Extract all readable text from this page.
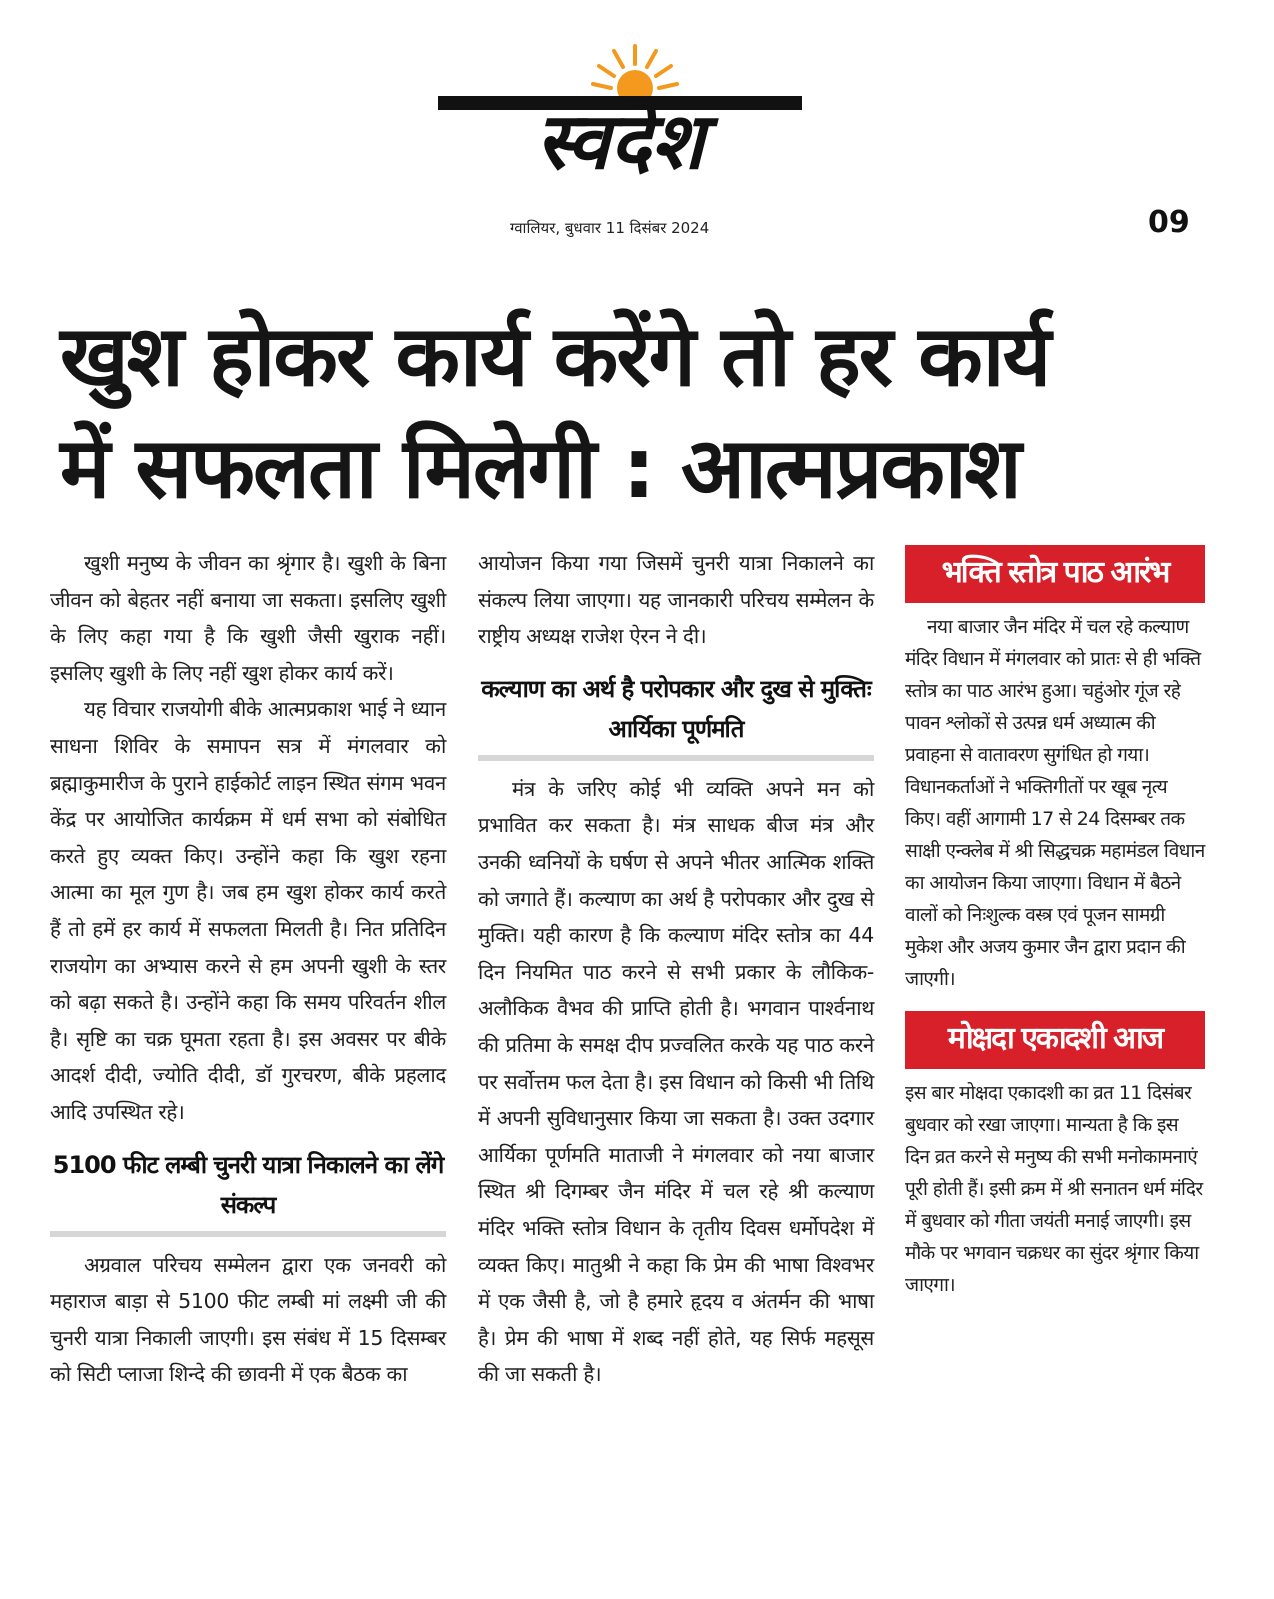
स्वदेश
ग्वालियर, बुधवार 11 दिसंबर 2024	09
खुश होकर कार्य करेंगे तो हर कार्य
में सफलता मिलेगी : आत्मप्रकाश

खुशी मनुष्य के जीवन का श्रृंगार है। खुशी के बिना जीवन को बेहतर नहीं बनाया जा सकता। इसलिए खुशी के लिए कहा गया है कि खुशी जैसी खुराक नहीं। इसलिए खुशी के लिए नहीं खुश होकर कार्य करें।

यह विचार राजयोगी बीके आत्मप्रकाश भाई ने ध्यान साधना शिविर के समापन सत्र में मंगलवार को ब्रह्माकुमारीज के पुराने हाईकोर्ट लाइन स्थित संगम भवन केंद्र पर आयोजित कार्यक्रम में धर्म सभा को संबोधित करते हुए व्यक्त किए। उन्होंने कहा कि खुश रहना आत्मा का मूल गुण है। जब हम खुश होकर कार्य करते हैं तो हमें हर कार्य में सफलता मिलती है। नित प्रतिदिन राजयोग का अभ्यास करने से हम अपनी खुशी के स्तर को बढ़ा सकते है। उन्होंने कहा कि समय परिवर्तन शील है। सृष्टि का चक्र घूमता रहता है। इस अवसर पर बीके आदर्श दीदी, ज्योति दीदी, डॉ गुरचरण, बीके प्रहलाद आदि उपस्थित रहे।

5100 फीट लम्बी चुनरी यात्रा निकालने का लेंगे संकल्प

अग्रवाल परिचय सम्मेलन द्वारा एक जनवरी को महाराज बाड़ा से 5100 फीट लम्बी मां लक्ष्मी जी की चुनरी यात्रा निकाली जाएगी। इस संबंध में 15 दिसम्बर को सिटी प्लाजा शिन्दे की छावनी में एक बैठक का

आयोजन किया गया जिसमें चुनरी यात्रा निकालने का संकल्प लिया जाएगा। यह जानकारी परिचय सम्मेलन के राष्ट्रीय अध्यक्ष राजेश ऐरन ने दी।

कल्याण का अर्थ है परोपकार और दुख से मुक्तिः आर्यिका पूर्णमति

मंत्र के जरिए कोई भी व्यक्ति अपने मन को प्रभावित कर सकता है। मंत्र साधक बीज मंत्र और उनकी ध्वनियों के घर्षण से अपने भीतर आत्मिक शक्ति को जगाते हैं। कल्याण का अर्थ है परोपकार और दुख से मुक्ति। यही कारण है कि कल्याण मंदिर स्तोत्र का 44 दिन नियमित पाठ करने से सभी प्रकार के लौकिक-अलौकिक वैभव की प्राप्ति होती है। भगवान पार्श्वनाथ की प्रतिमा के समक्ष दीप प्रज्वलित करके यह पाठ करने पर सर्वोत्तम फल देता है। इस विधान को किसी भी तिथि में अपनी सुविधानुसार किया जा सकता है। उक्त उदगार आर्यिका पूर्णमति माताजी ने मंगलवार को नया बाजार स्थित श्री दिगम्बर जैन मंदिर में चल रहे श्री कल्याण मंदिर भक्ति स्तोत्र विधान के तृतीय दिवस धर्मोपदेश में व्यक्त किए। मातुश्री ने कहा कि प्रेम की भाषा विश्वभर में एक जैसी है, जो है हमारे हृदय व अंतर्मन की भाषा है। प्रेम की भाषा में शब्द नहीं होते, यह सिर्फ महसूस की जा सकती है।

भक्ति स्तोत्र पाठ आरंभ

नया बाजार जैन मंदिर में चल रहे कल्याण मंदिर विधान में मंगलवार को प्रातः से ही भक्ति स्तोत्र का पाठ आरंभ हुआ। चहुंओर गूंज रहे पावन श्लोकों से उत्पन्न धर्म अध्यात्म की प्रवाहना से वातावरण सुगंधित हो गया। विधानकर्ताओं ने भक्तिगीतों पर खूब नृत्य किए। वहीं आगामी 17 से 24 दिसम्बर तक साक्षी एन्क्लेब में श्री सिद्धचक्र महामंडल विधान का आयोजन किया जाएगा। विधान में बैठने वालों को निःशुल्क वस्त्र एवं पूजन सामग्री मुकेश और अजय कुमार जैन द्वारा प्रदान की जाएगी।

मोक्षदा एकादशी आज

इस बार मोक्षदा एकादशी का व्रत 11 दिसंबर बुधवार को रखा जाएगा। मान्यता है कि इस दिन व्रत करने से मनुष्य की सभी मनोकामनाएं पूरी होती हैं। इसी क्रम में श्री सनातन धर्म मंदिर में बुधवार को गीता जयंती मनाई जाएगी। इस मौके पर भगवान चक्रधर का सुंदर श्रृंगार किया जाएगा।
